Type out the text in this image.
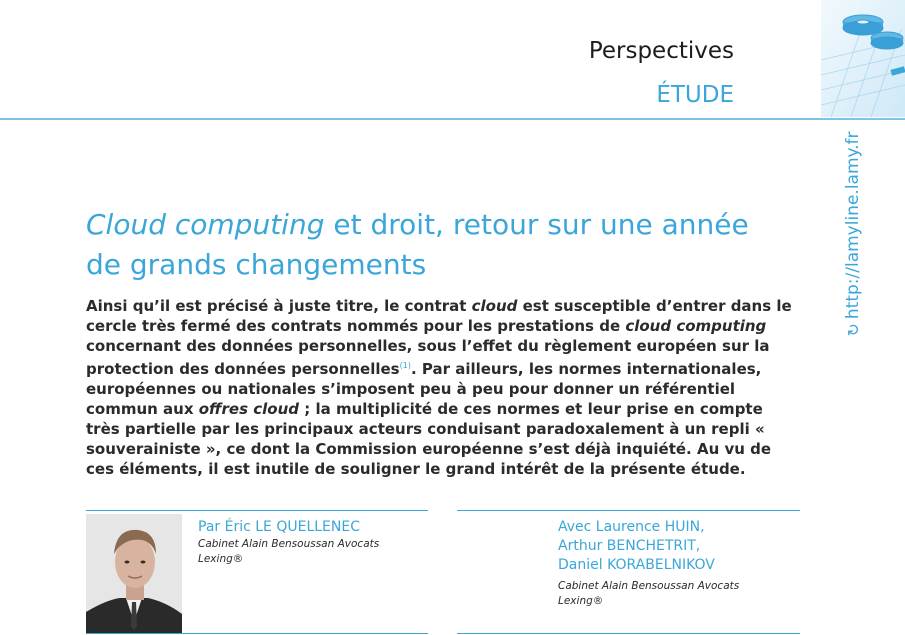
Perspectives
ÉTUDE
↻
http://lamyline.lamy.fr
Cloud computing et droit, retour sur une année de grands changements
Ainsi qu’il est précisé à juste titre, le contrat cloud est susceptible d’entrer dans le cercle très fermé des contrats nommés pour les prestations de cloud computing concernant des données personnelles, sous l’effet du règlement européen sur la protection des données personnelles$^{(1)}$. Par ailleurs, les normes internationales, européennes ou nationales s’imposent peu à peu pour donner un référentiel commun aux offres cloud ; la multiplicité de ces normes et leur prise en compte très partielle par les principaux acteurs conduisant paradoxalement à un repli « souverainiste », ce dont la Commission européenne s’est déjà inquiété. Au vu de ces éléments, il est inutile de souligner le grand intérêt de la présente étude.
Par Éric LE QUELLENEC
Cabinet Alain Bensoussan Avocats
Lexing®
Avec Laurence HUIN,
Arthur BENCHETRIT,
Daniel KORABELNIKOV
Cabinet Alain Bensoussan Avocats
Lexing®
